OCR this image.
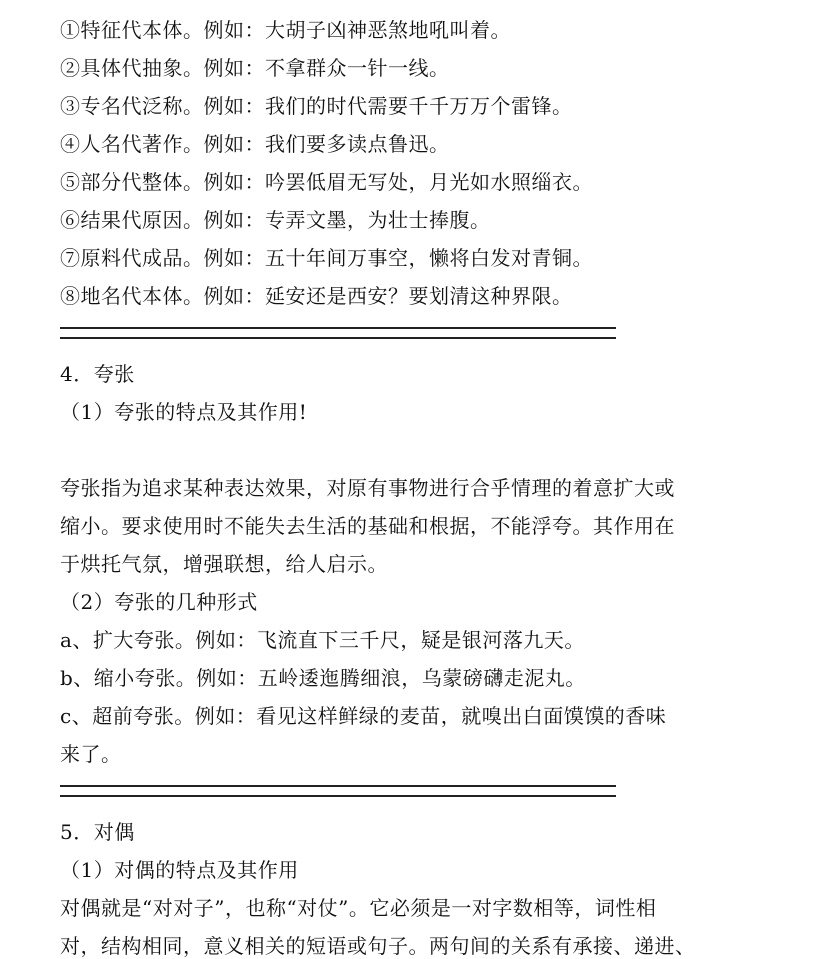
①特征代本体。例如：大胡子凶神恶煞地吼叫着。
②具体代抽象。例如：不拿群众一针一线。
③专名代泛称。例如：我们的时代需要千千万万个雷锋。
④人名代著作。例如：我们要多读点鲁迅。
⑤部分代整体。例如：吟罢低眉无写处，月光如水照缁衣。
⑥结果代原因。例如：专弄文墨，为壮士捧腹。
⑦原料代成品。例如：五十年间万事空，懒将白发对青铜。
⑧地名代本体。例如：延安还是西安？要划清这种界限。
4．夸张
（1）夸张的特点及其作用!
夸张指为追求某种表达效果，对原有事物进行合乎情理的着意扩大或
缩小。要求使用时不能失去生活的基础和根据，不能浮夸。其作用在
于烘托气氛，增强联想，给人启示。
（2）夸张的几种形式
a、扩大夸张。例如：飞流直下三千尺，疑是银河落九天。
b、缩小夸张。例如：五岭逶迤腾细浪，乌蒙磅礴走泥丸。
c、超前夸张。例如：看见这样鲜绿的麦苗，就嗅出白面馍馍的香味
来了。
5．对偶
（1）对偶的特点及其作用
对偶就是“对对子”，也称“对仗”。它必须是一对字数相等，词性相
对，结构相同，意义相关的短语或句子。两句间的关系有承接、递进、
